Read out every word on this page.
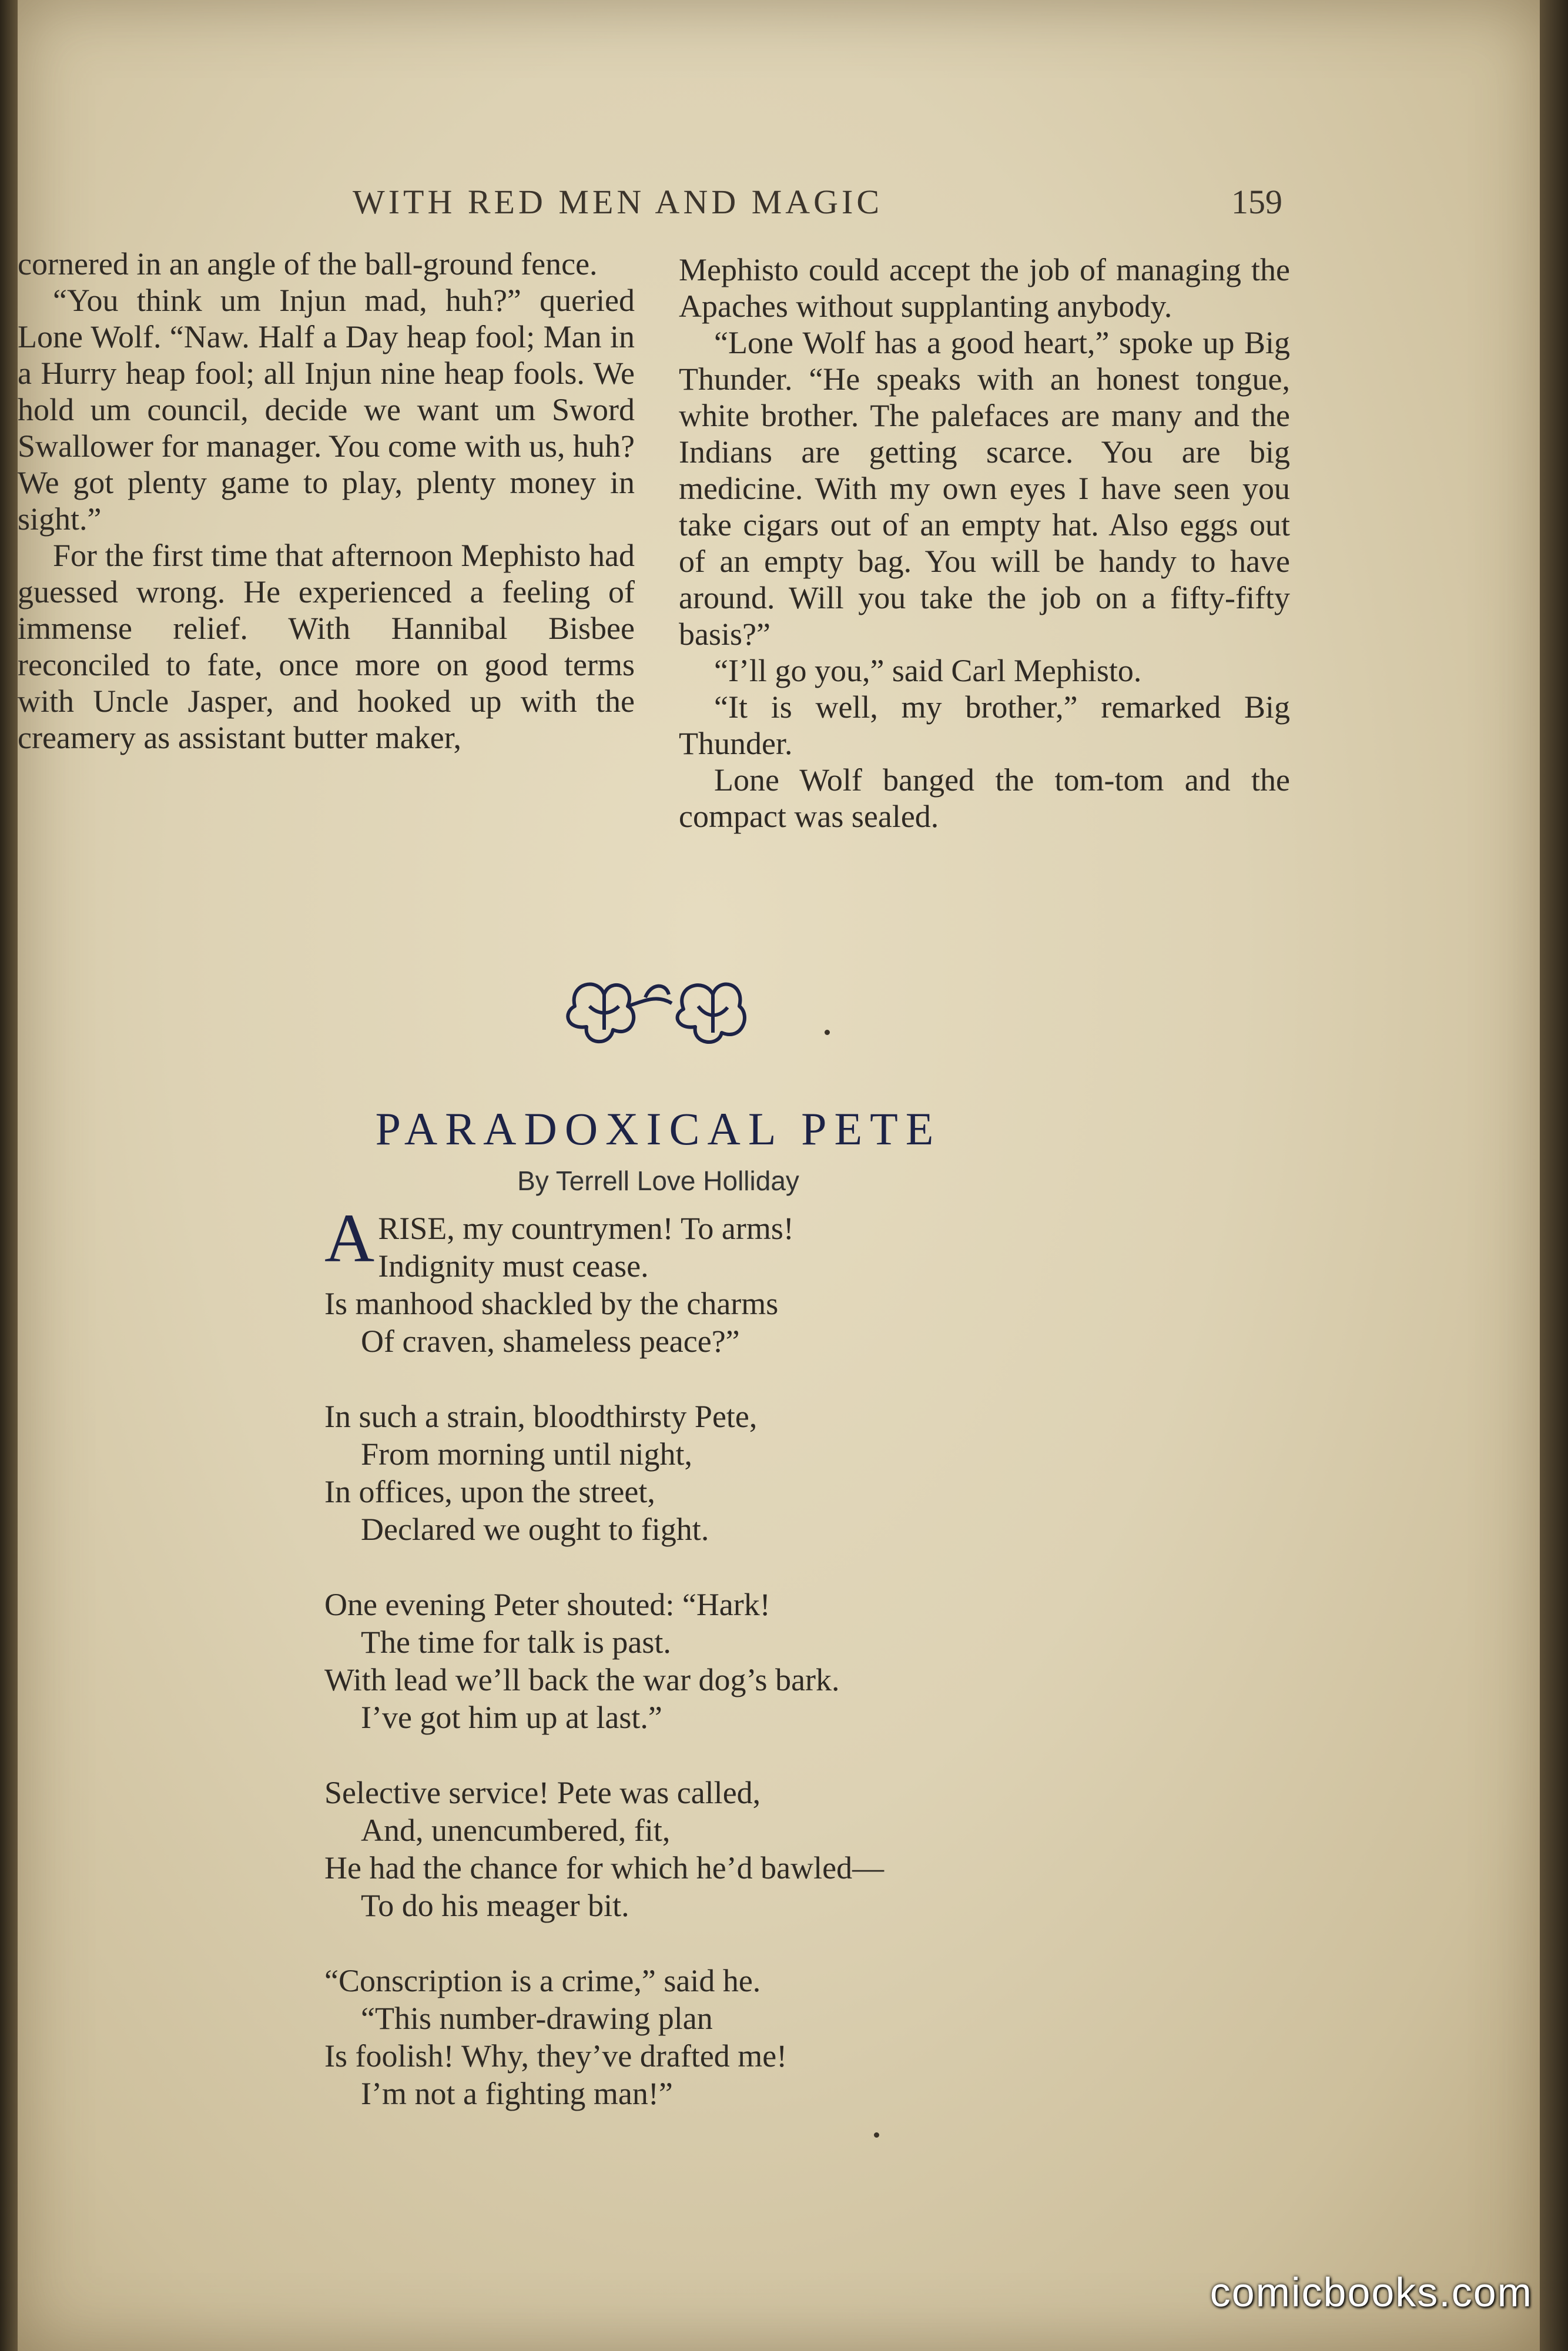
WITH RED MEN AND MAGIC	159

cornered in an angle of the ball-ground fence.

“You think um Injun mad, huh?” queried Lone Wolf. “Naw. Half a Day heap fool; Man in a Hurry heap fool; all Injun nine heap fools. We hold um council, decide we want um Sword Swallower for manager. You come with us, huh? We got plenty game to play, plenty money in sight.”

For the first time that afternoon Mephisto had guessed wrong. He experienced a feeling of immense relief. With Hannibal Bisbee reconciled to fate, once more on good terms with Uncle Jasper, and hooked up with the creamery as assistant butter maker,

Mephisto could accept the job of managing the Apaches without supplanting anybody.

“Lone Wolf has a good heart,” spoke up Big Thunder. “He speaks with an honest tongue, white brother. The palefaces are many and the Indians are getting scarce. You are big medicine. With my own eyes I have seen you take cigars out of an empty hat. Also eggs out of an empty bag. You will be handy to have around. Will you take the job on a fifty-fifty basis?”

“I’ll go you,” said Carl Mephisto.

“It is well, my brother,” remarked Big Thunder.

Lone Wolf banged the tom-tom and the compact was sealed.

PARADOXICAL PETE
By Terrell Love Holliday
ARISE, my countrymen! To arms!
Indignity must cease.
Is manhood shackled by the charms
Of craven, shameless peace?”
In such a strain, bloodthirsty Pete,
From morning until night,
In offices, upon the street,
Declared we ought to fight.
One evening Peter shouted: “Hark!
The time for talk is past.
With lead we’ll back the war dog’s bark.
I’ve got him up at last.”
Selective service! Pete was called,
And, unencumbered, fit,
He had the chance for which he’d bawled—
To do his meager bit.
“Conscription is a crime,” said he.
“This number-drawing plan
Is foolish! Why, they’ve drafted me!
I’m not a fighting man!”
comicbooks.com
